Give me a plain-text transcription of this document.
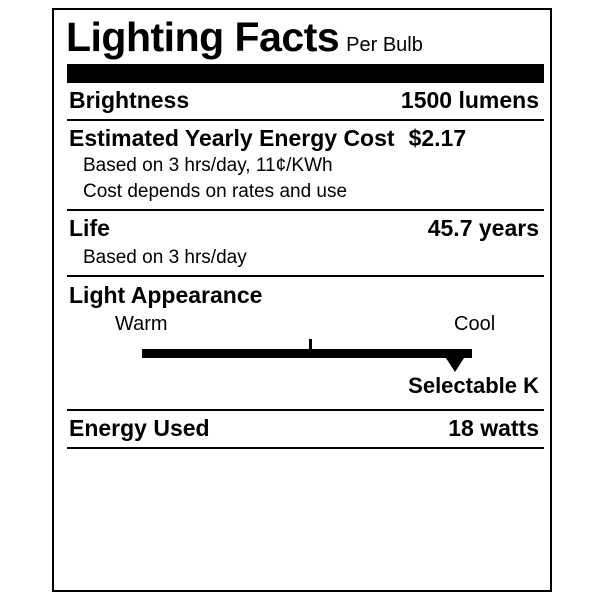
Lighting Facts Per Bulb
Brightness	1500 lumens
Estimated Yearly Energy Cost $2.17
Based on 3 hrs/day, 11¢/KWh
Cost depends on rates and use
Life	45.7 years
Based on 3 hrs/day
Light Appearance
Warm	Cool
Selectable K
Energy Used	18 watts
